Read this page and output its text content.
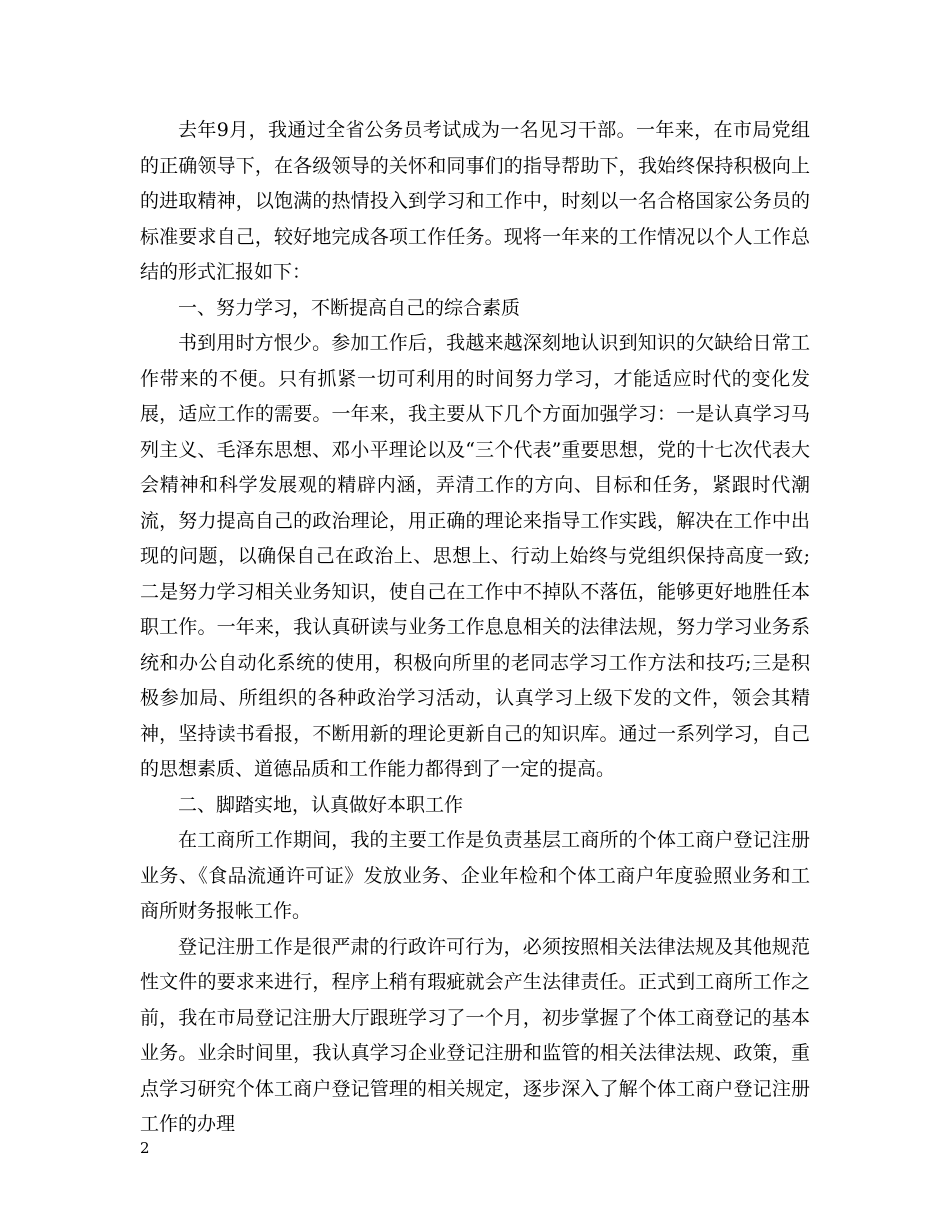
去年9月，我通过全省公务员考试成为一名见习干部。一年来，在市局党组的正确领导下，在各级领导的关怀和同事们的指导帮助下，我始终保持积极向上的进取精神，以饱满的热情投入到学习和工作中，时刻以一名合格国家公务员的标准要求自己，较好地完成各项工作任务。现将一年来的工作情况以个人工作总结的形式汇报如下：

一、努力学习，不断提高自己的综合素质

书到用时方恨少。参加工作后，我越来越深刻地认识到知识的欠缺给日常工作带来的不便。只有抓紧一切可利用的时间努力学习，才能适应时代的变化发展，适应工作的需要。一年来，我主要从下几个方面加强学习：一是认真学习马列主义、毛泽东思想、邓小平理论以及“三个代表”重要思想，党的十七次代表大会精神和科学发展观的精辟内涵，弄清工作的方向、目标和任务，紧跟时代潮流，努力提高自己的政治理论，用正确的理论来指导工作实践，解决在工作中出现的问题，以确保自己在政治上、思想上、行动上始终与党组织保持高度一致;二是努力学习相关业务知识，使自己在工作中不掉队不落伍，能够更好地胜任本职工作。一年来，我认真研读与业务工作息息相关的法律法规，努力学习业务系统和办公自动化系统的使用，积极向所里的老同志学习工作方法和技巧;三是积极参加局、所组织的各种政治学习活动，认真学习上级下发的文件，领会其精神，坚持读书看报，不断用新的理论更新自己的知识库。通过一系列学习，自己的思想素质、道德品质和工作能力都得到了一定的提高。

二、脚踏实地，认真做好本职工作

在工商所工作期间，我的主要工作是负责基层工商所的个体工商户登记注册业务、《食品流通许可证》发放业务、企业年检和个体工商户年度验照业务和工商所财务报帐工作。

登记注册工作是很严肃的行政许可行为，必须按照相关法律法规及其他规范性文件的要求来进行，程序上稍有瑕疵就会产生法律责任。正式到工商所工作之前，我在市局登记注册大厅跟班学习了一个月，初步掌握了个体工商登记的基本业务。业余时间里，我认真学习企业登记注册和监管的相关法律法规、政策，重点学习研究个体工商户登记管理的相关规定，逐步深入了解个体工商户登记注册工作的办理

2
